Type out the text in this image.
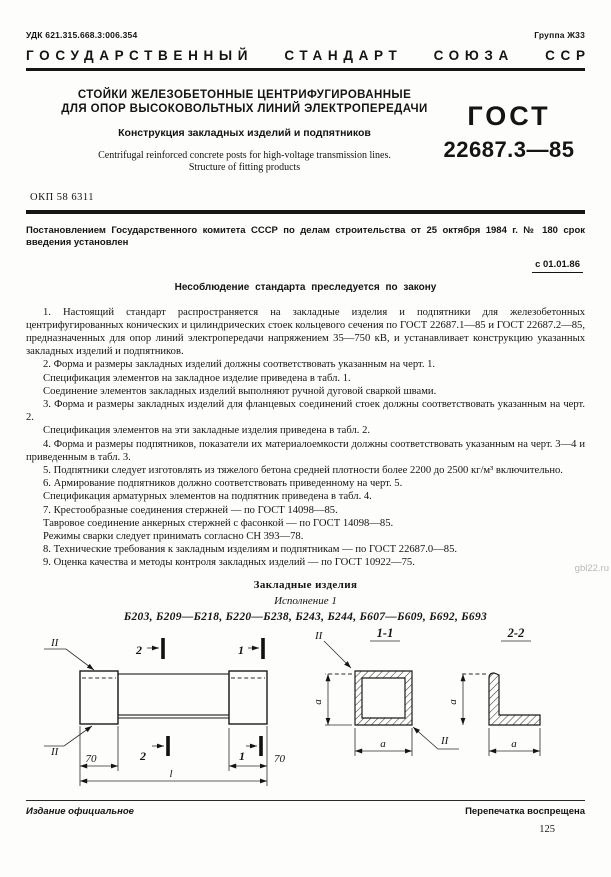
УДК 621.315.668.3:006.354	Группа Ж33
ГОСУДАРСТВЕННЫЙ СТАНДАРТ СОЮЗА ССР
СТОЙКИ ЖЕЛЕЗОБЕТОННЫЕ ЦЕНТРИФУГИРОВАННЫЕ
ДЛЯ ОПОР ВЫСОКОВОЛЬТНЫХ ЛИНИЙ ЭЛЕКТРОПЕРЕДАЧИ
Конструкция закладных изделий и подпятников
Centrifugal reinforced concrete posts for high-voltage transmission lines.
Structure of fitting products
ГОСТ
22687.3—85
ОКП 58 6311

Постановлением Государственного комитета СССР по делам строительства от 25 октября 1984 г. № 180 срок введения установлен

с 01.01.86
Несоблюдение стандарта преследуется по закону

1. Настоящий стандарт распространяется на закладные изделия и подпятники для железобетонных центрифугированных конических и цилиндрических стоек кольцевого сечения по ГОСТ 22687.1—85 и ГОСТ 22687.2—85, предназначенных для опор линий электропередачи напряжением 35—750 кВ, и устанавливает конструкцию указанных закладных изделий и подпятников.

2. Форма и размеры закладных изделий должны соответствовать указанным на черт. 1.

Спецификация элементов на закладное изделие приведена в табл. 1.

Соединение элементов закладных изделий выполняют ручной дуговой сваркой швами.

3. Форма и размеры закладных изделий для фланцевых соединений стоек должны соответствовать указанным на черт. 2.

Спецификация элементов на эти закладные изделия приведена в табл. 2.

4. Форма и размеры подпятников, показатели их материалоемкости должны соответствовать указанным на черт. 3—4 и приведенным в табл. 3.

5. Подпятники следует изготовлять из тяжелого бетона средней плотности более 2200 до 2500 кг/м³ включительно.

6. Армирование подпятников должно соответствовать приведенному на черт. 5.

Спецификация арматурных элементов на подпятник приведена в табл. 4.

7. Крестообразные соединения стержней — по ГОСТ 14098—85.

Тавровое соединение анкерных стержней с фасонкой — по ГОСТ 14098—85.

Режимы сварки следует принимать согласно СН 393—78.

8. Технические требования к закладным изделиям и подпятникам — по ГОСТ 22687.0—85.

9. Оценка качества и методы контроля закладных изделий — по ГОСТ 10922—75.

Закладные изделия
Исполнение 1
Б203, Б209—Б218, Б220—Б238, Б243, Б244, Б607—Б609, Б692, Б693
2	1
2	1
II
II
70	70
l
1-1
a
a
II
II
2-2
a
a
Издание официальное	Перепечатка воспрещена
125
gbl22.ru
